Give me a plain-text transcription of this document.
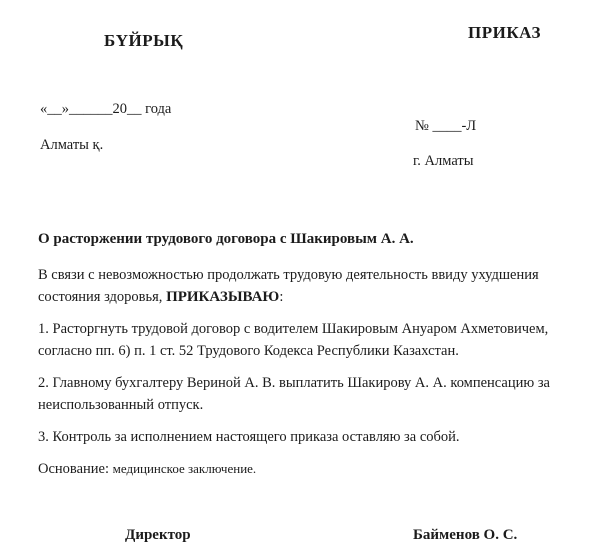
БҮЙРЫҚ	ПРИКАЗ
«__»______20__ года
Алматы қ.
№ ____-Л
г. Алматы

О расторжении трудового договора с Шакировым А. А.

В связи с невозможностью продолжать трудовую деятельность ввиду ухудшения состояния здоровья, ПРИКАЗЫВАЮ:

1. Расторгнуть трудовой договор с водителем Шакировым Ануаром Ахметовичем, согласно пп. 6) п. 1 ст. 52 Трудового Кодекса Республики Казахстан.

2. Главному бухгалтеру Вериной А. В. выплатить Шакирову А. А. компенсацию за неиспользованный отпуск.

3. Контроль за исполнением настоящего приказа оставляю за собой.

Основание: медицинское заключение.

Директор	Байменов О. С.
